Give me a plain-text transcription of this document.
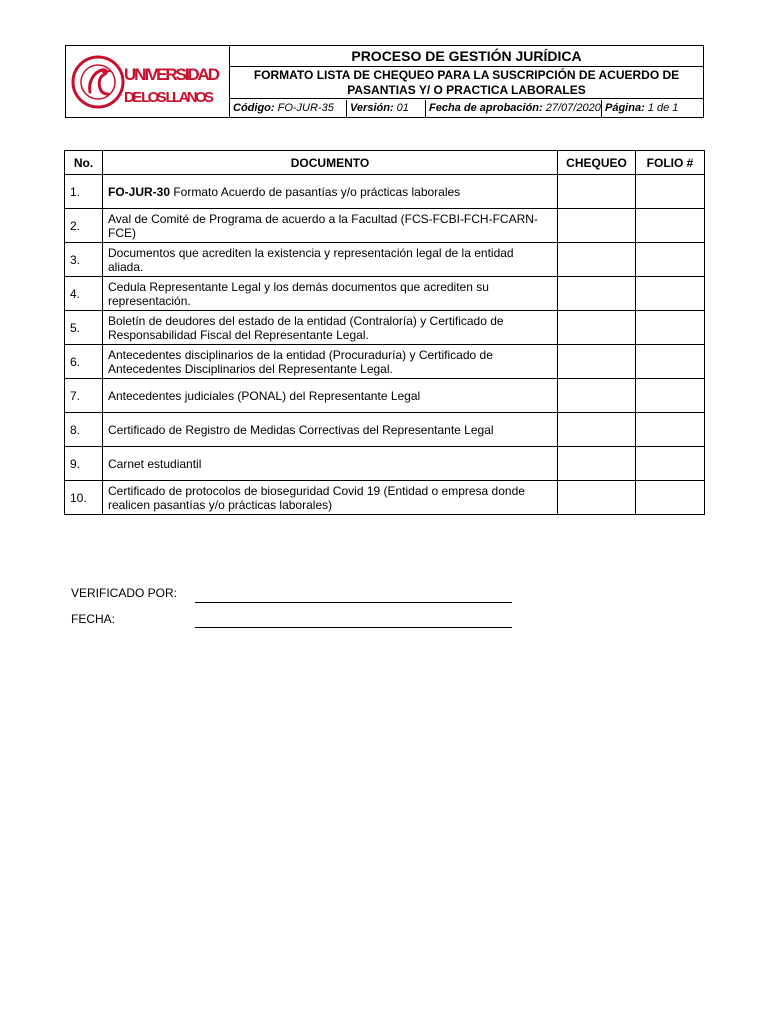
UNIVERSIDAD
DE LOS LLANOS
PROCESO DE GESTIÓN JURÍDICA
FORMATO LISTA DE CHEQUEO PARA LA SUSCRIPCIÓN DE ACUERDO DE
PASANTIAS Y/ O PRACTICA LABORALES
Código: FO-JUR-35	Versión: 01	Fecha de aprobación: 27/07/2020 Página: 1 de 1
No.	DOCUMENTO	CHEQUEO	FOLIO #
1.	FO-JUR-30 Formato Acuerdo de pasantías y/o prácticas laborales		
2.	Aval de Comité de Programa de acuerdo a la Facultad (FCS-FCBI-FCH-FCARN-FCE)		
3.	Documentos que acrediten la existencia y representación legal de la entidad aliada.		
4.	Cedula Representante Legal y los demás documentos que acrediten su representación.		
5.	Boletín de deudores del estado de la entidad (Contraloría) y Certificado de Responsabilidad Fiscal del Representante Legal.		
6.	Antecedentes disciplinarios de la entidad (Procuraduría) y Certificado de Antecedentes Disciplinarios del Representante Legal.		
7.	Antecedentes judiciales (PONAL) del Representante Legal		
8.	Certificado de Registro de Medidas Correctivas del Representante Legal		
9.	Carnet estudiantil		
10.	Certificado de protocolos de bioseguridad Covid 19 (Entidad o empresa donde realicen pasantías y/o prácticas laborales)		
VERIFICADO POR:
FECHA:
